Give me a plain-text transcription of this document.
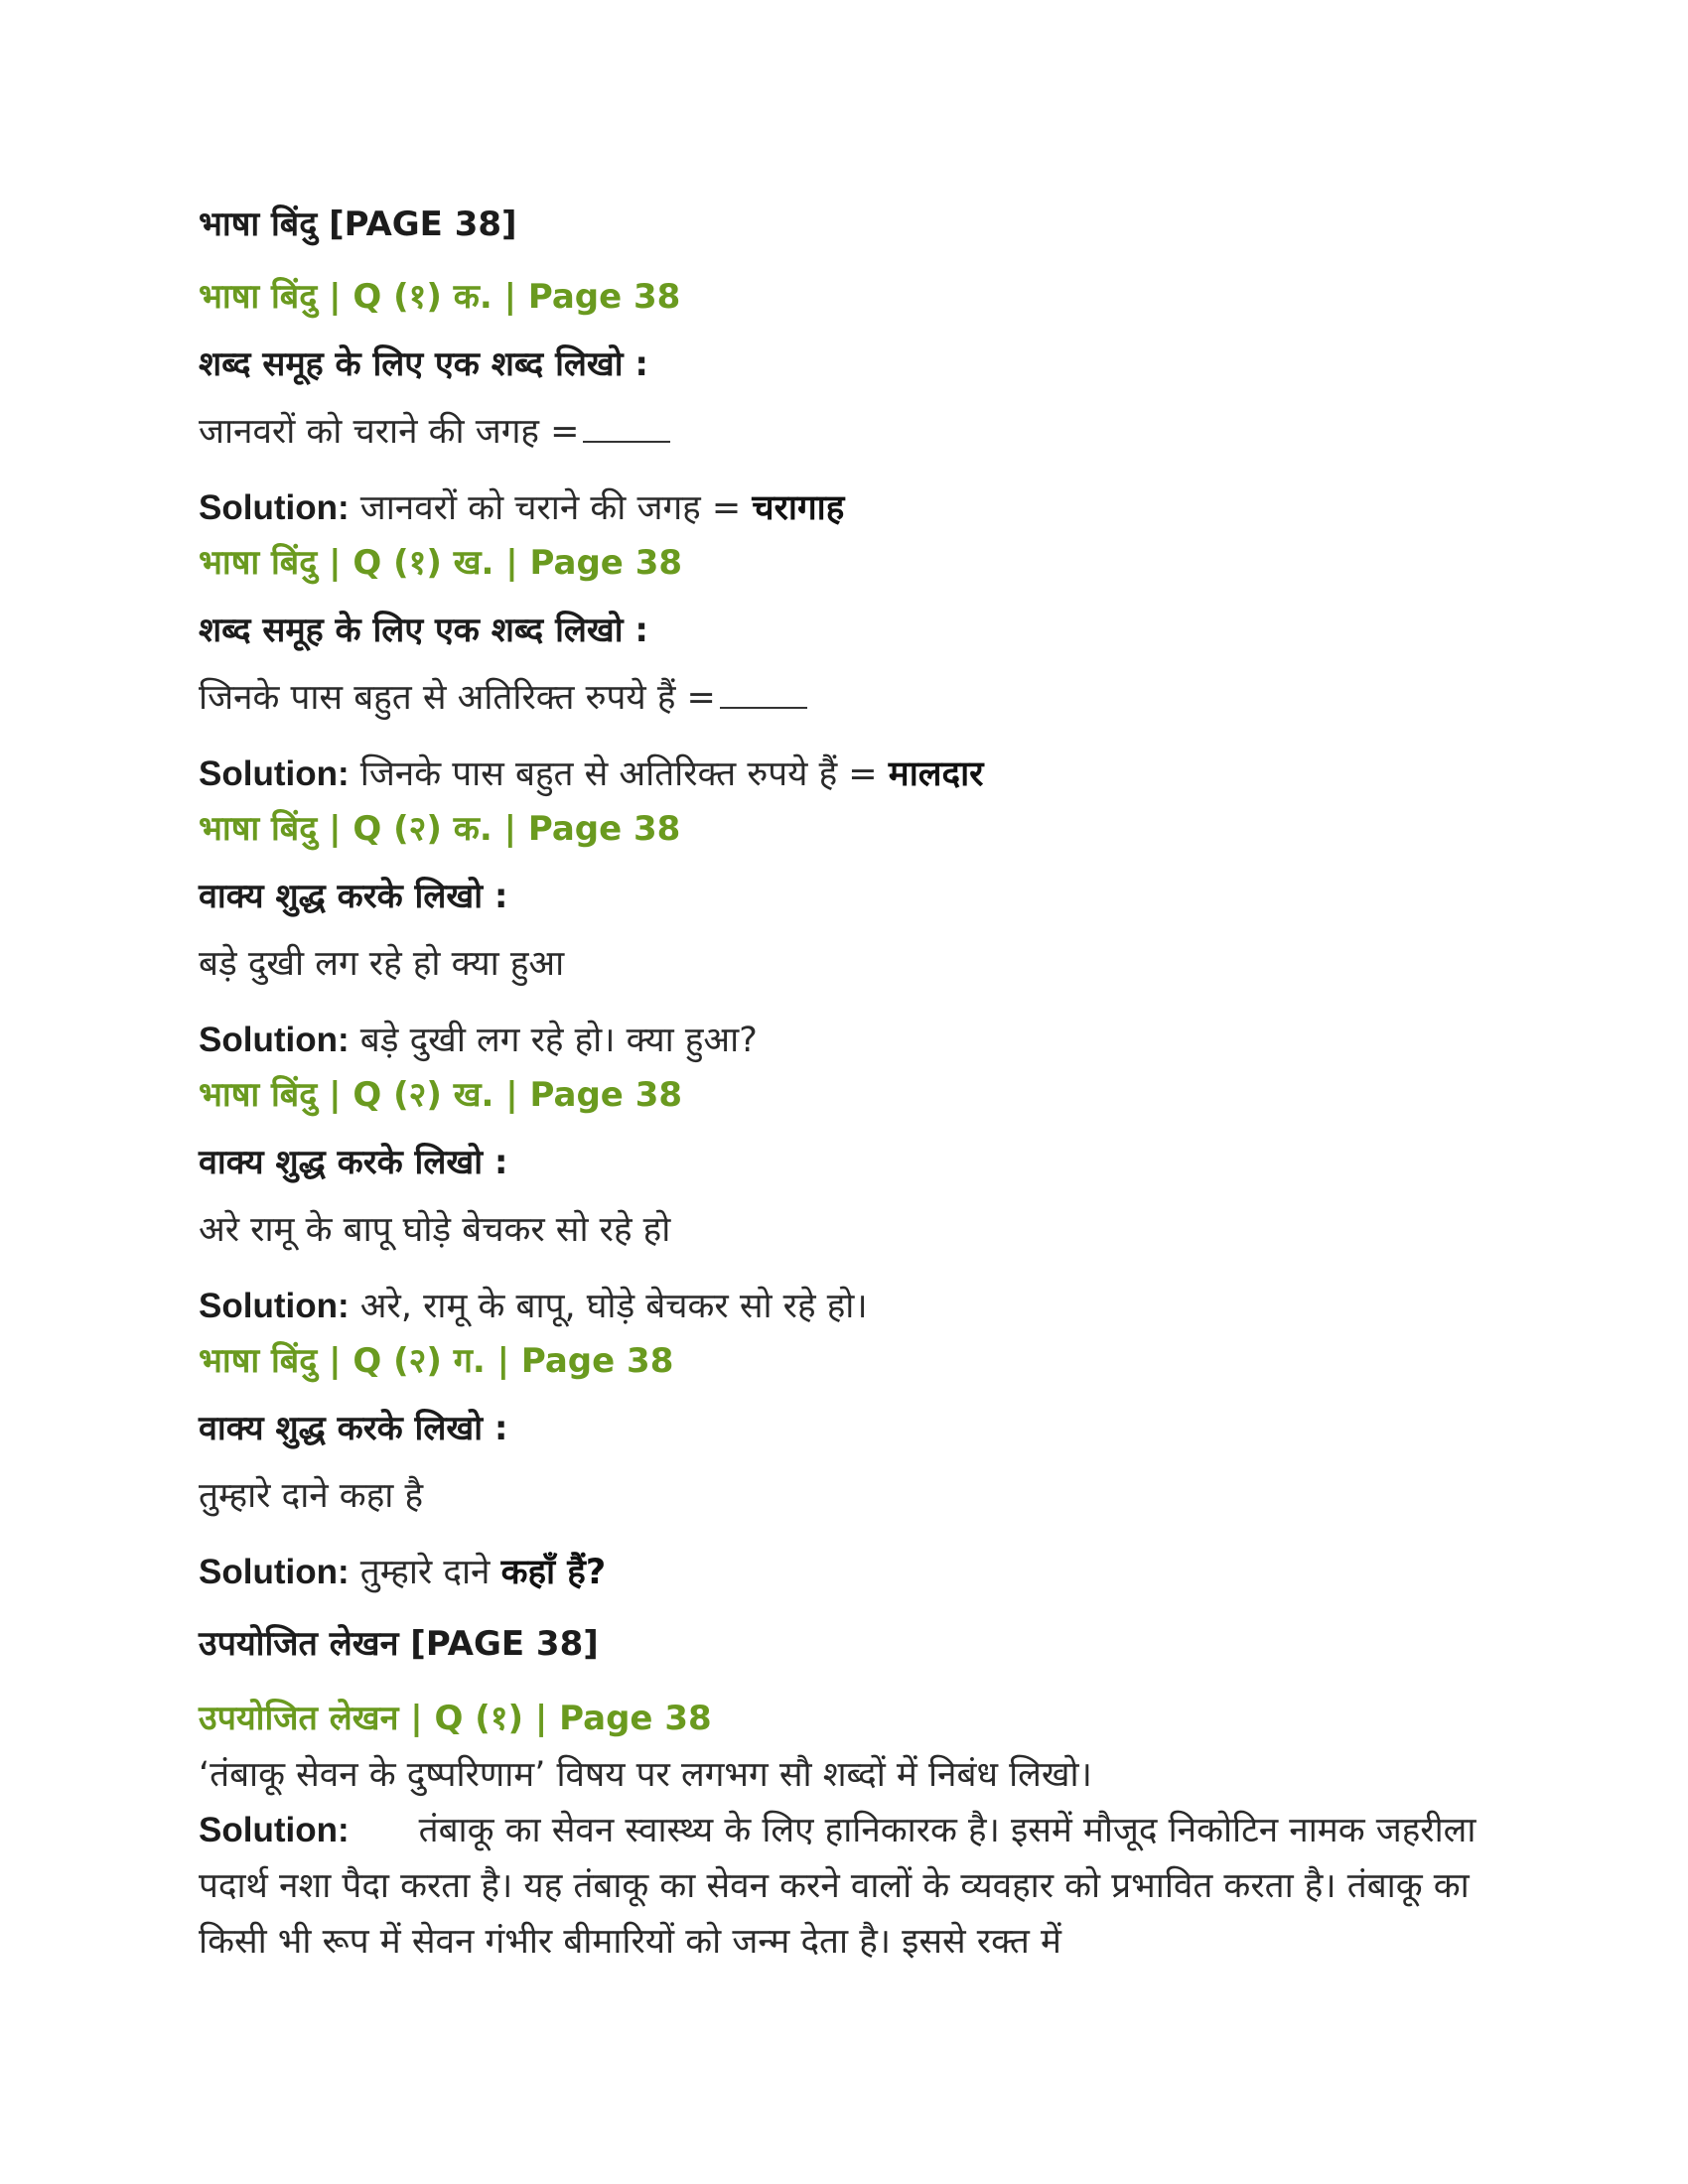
भाषा बिंदु [PAGE 38]
भाषा बिंदु | Q (१) क. | Page 38
शब्द समूह के लिए एक शब्द लिखो :
जानवरों को चराने की जगह =
Solution: जानवरों को चराने की जगह = चरागाह
भाषा बिंदु | Q (१) ख. | Page 38
शब्द समूह के लिए एक शब्द लिखो :
जिनके पास बहुत से अतिरिक्त रुपये हैं =
Solution: जिनके पास बहुत से अतिरिक्त रुपये हैं = मालदार
भाषा बिंदु | Q (२) क. | Page 38
वाक्य शुद्ध करके लिखो :
बड़े दुखी लग रहे हो क्या हुआ
Solution: बड़े दुखी लग रहे हो। क्या हुआ?
भाषा बिंदु | Q (२) ख. | Page 38
वाक्य शुद्ध करके लिखो :
अरे रामू के बापू घोड़े बेचकर सो रहे हो
Solution: अरे, रामू के बापू, घोड़े बेचकर सो रहे हो।
भाषा बिंदु | Q (२) ग. | Page 38
वाक्य शुद्ध करके लिखो :
तुम्हारे दाने कहा है
Solution: तुम्हारे दाने कहाँ हैं?
उपयोजित लेखन [PAGE 38]
उपयोजित लेखन | Q (१) | Page 38
‘तंबाकू सेवन के दुष्परिणाम’ विषय पर लगभग सौ शब्दों में निबंध लिखो।
Solution: तंबाकू का सेवन स्वास्थ्य के लिए हानिकारक है। इसमें मौजूद निकोटिन नामक जहरीला पदार्थ नशा पैदा करता है। यह तंबाकू का सेवन करने वालों के व्यवहार को प्रभावित करता है। तंबाकू का किसी भी रूप में सेवन गंभीर बीमारियों को जन्म देता है। इससे रक्त में
